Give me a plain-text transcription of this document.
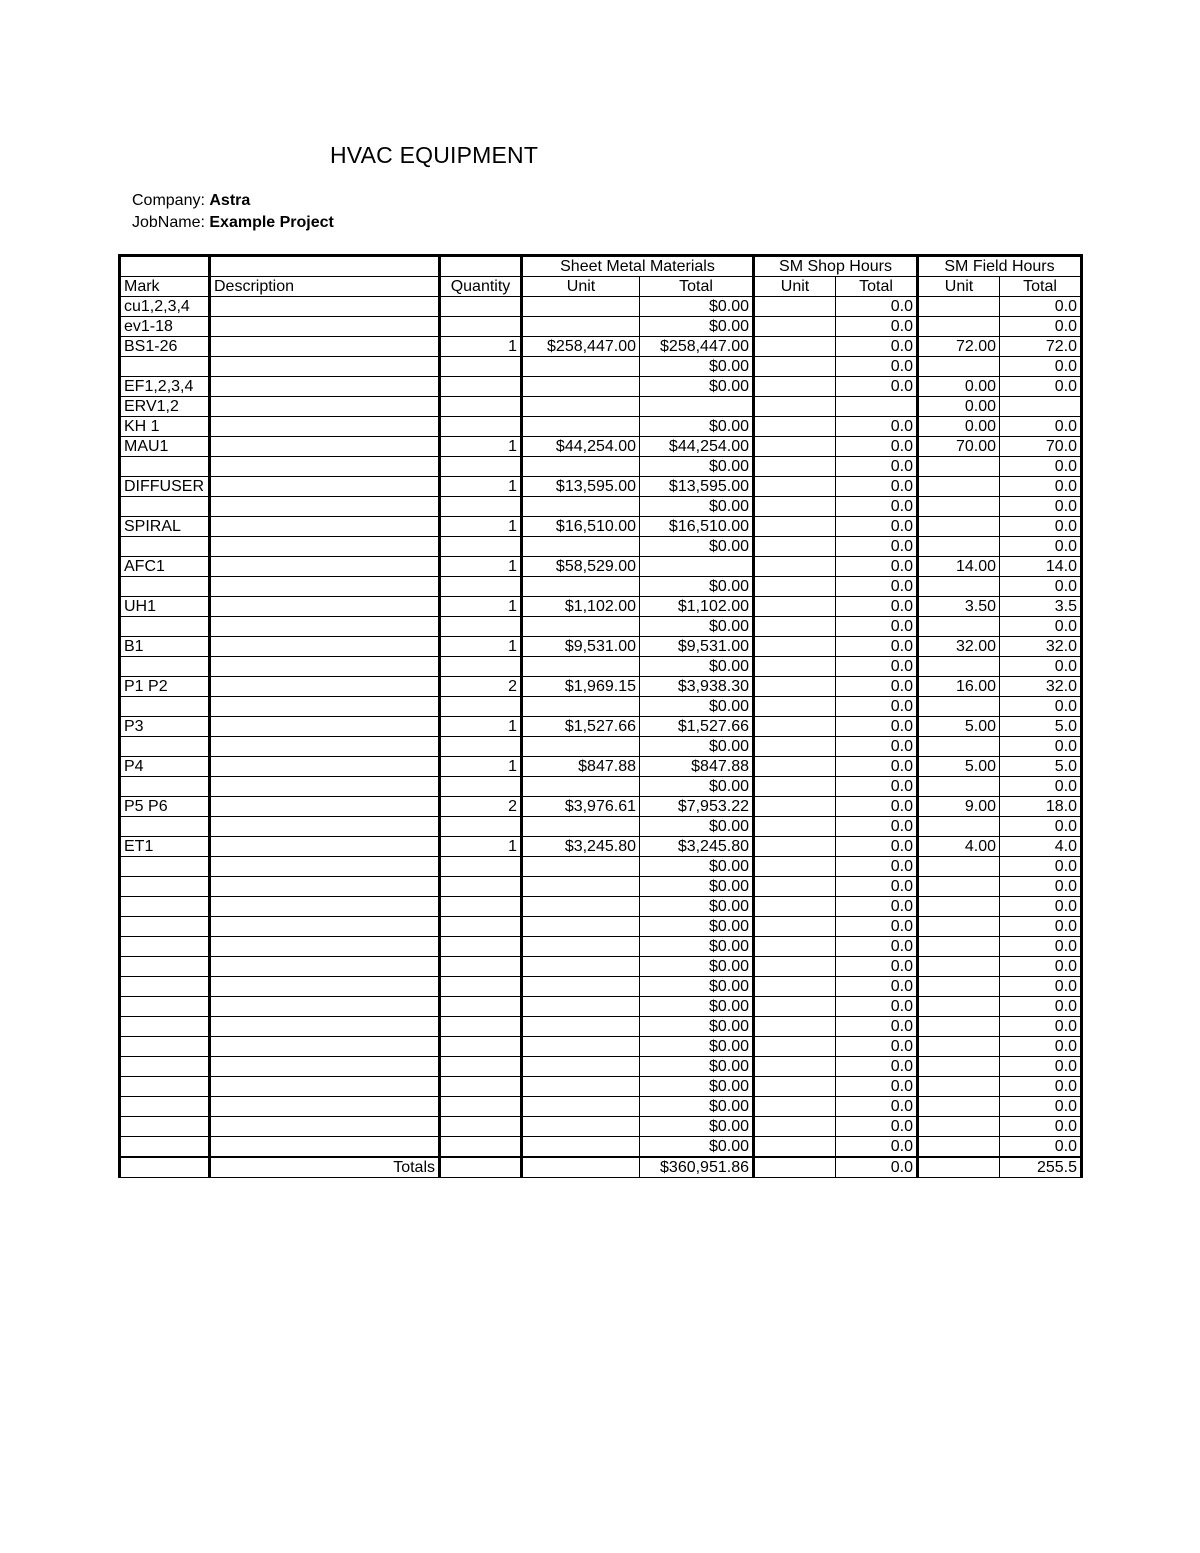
HVAC EQUIPMENT
Company: Astra
JobName: Example Project
			Sheet Metal Materials		SM Shop Hours		SM Field Hours	
Mark	Description	Quantity	Unit	Total	Unit	Total	Unit	Total
cu1,2,3,4				$0.00		0.0		0.0
ev1-18				$0.00		0.0		0.0
BS1-26		1	$258,447.00	$258,447.00		0.0	72.00	72.0
				$0.00		0.0		0.0
EF1,2,3,4				$0.00		0.0	0.00	0.0
ERV1,2							0.00	
KH 1				$0.00		0.0	0.00	0.0
MAU1		1	$44,254.00	$44,254.00		0.0	70.00	70.0
				$0.00		0.0		0.0
DIFFUSER		1	$13,595.00	$13,595.00		0.0		0.0
				$0.00		0.0		0.0
SPIRAL		1	$16,510.00	$16,510.00		0.0		0.0
				$0.00		0.0		0.0
AFC1		1	$58,529.00			0.0	14.00	14.0
				$0.00		0.0		0.0
UH1		1	$1,102.00	$1,102.00		0.0	3.50	3.5
				$0.00		0.0		0.0
B1		1	$9,531.00	$9,531.00		0.0	32.00	32.0
				$0.00		0.0		0.0
P1 P2		2	$1,969.15	$3,938.30		0.0	16.00	32.0
				$0.00		0.0		0.0
P3		1	$1,527.66	$1,527.66		0.0	5.00	5.0
				$0.00		0.0		0.0
P4		1	$847.88	$847.88		0.0	5.00	5.0
				$0.00		0.0		0.0
P5 P6		2	$3,976.61	$7,953.22		0.0	9.00	18.0
				$0.00		0.0		0.0
ET1		1	$3,245.80	$3,245.80		0.0	4.00	4.0
				$0.00		0.0		0.0
				$0.00		0.0		0.0
				$0.00		0.0		0.0
				$0.00		0.0		0.0
				$0.00		0.0		0.0
				$0.00		0.0		0.0
				$0.00		0.0		0.0
				$0.00		0.0		0.0
				$0.00		0.0		0.0
				$0.00		0.0		0.0
				$0.00		0.0		0.0
				$0.00		0.0		0.0
				$0.00		0.0		0.0
				$0.00		0.0		0.0
				$0.00		0.0		0.0
	Totals			$360,951.86		0.0		255.5
